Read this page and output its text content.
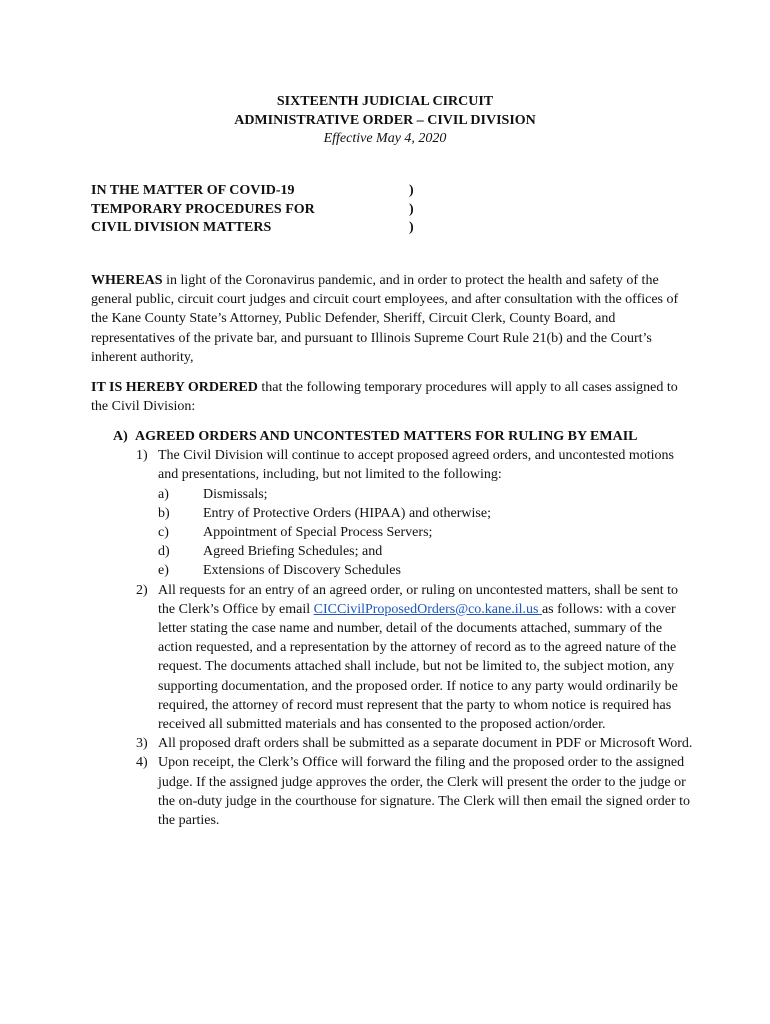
SIXTEENTH JUDICIAL CIRCUIT
ADMINISTRATIVE ORDER – CIVIL DIVISION
Effective May 4, 2020
IN THE MATTER OF COVID-19	)
TEMPORARY PROCEDURES FOR	)
CIVIL DIVISION MATTERS	)
WHEREAS in light of the Coronavirus pandemic, and in order to protect the health and safety of the general public, circuit court judges and circuit court employees, and after consultation with the offices of the Kane County State’s Attorney, Public Defender, Sheriff, Circuit Clerk, County Board, and representatives of the private bar, and pursuant to Illinois Supreme Court Rule 21(b) and the Court’s inherent authority,
IT IS HEREBY ORDERED that the following temporary procedures will apply to all cases assigned to the Civil Division:
A) AGREED ORDERS AND UNCONTESTED MATTERS FOR RULING BY EMAIL
1) The Civil Division will continue to accept proposed agreed orders, and uncontested motions and presentations, including, but not limited to the following:
a)	Dismissals;
b)	Entry of Protective Orders (HIPAA) and otherwise;
c)	Appointment of Special Process Servers;
d)	Agreed Briefing Schedules; and
e)	Extensions of Discovery Schedules
2) All requests for an entry of an agreed order, or ruling on uncontested matters, shall be sent to the Clerk’s Office by email CICCivilProposedOrders@co.kane.il.us as follows: with a cover letter stating the case name and number, detail of the documents attached, summary of the action requested, and a representation by the attorney of record as to the agreed nature of the request. The documents attached shall include, but not be limited to, the subject motion, any supporting documentation, and the proposed order. If notice to any party would ordinarily be required, the attorney of record must represent that the party to whom notice is required has received all submitted materials and has consented to the proposed action/order.
3) All proposed draft orders shall be submitted as a separate document in PDF or Microsoft Word.
4) Upon receipt, the Clerk’s Office will forward the filing and the proposed order to the assigned judge. If the assigned judge approves the order, the Clerk will present the order to the judge or the on-duty judge in the courthouse for signature. The Clerk will then email the signed order to the parties.
